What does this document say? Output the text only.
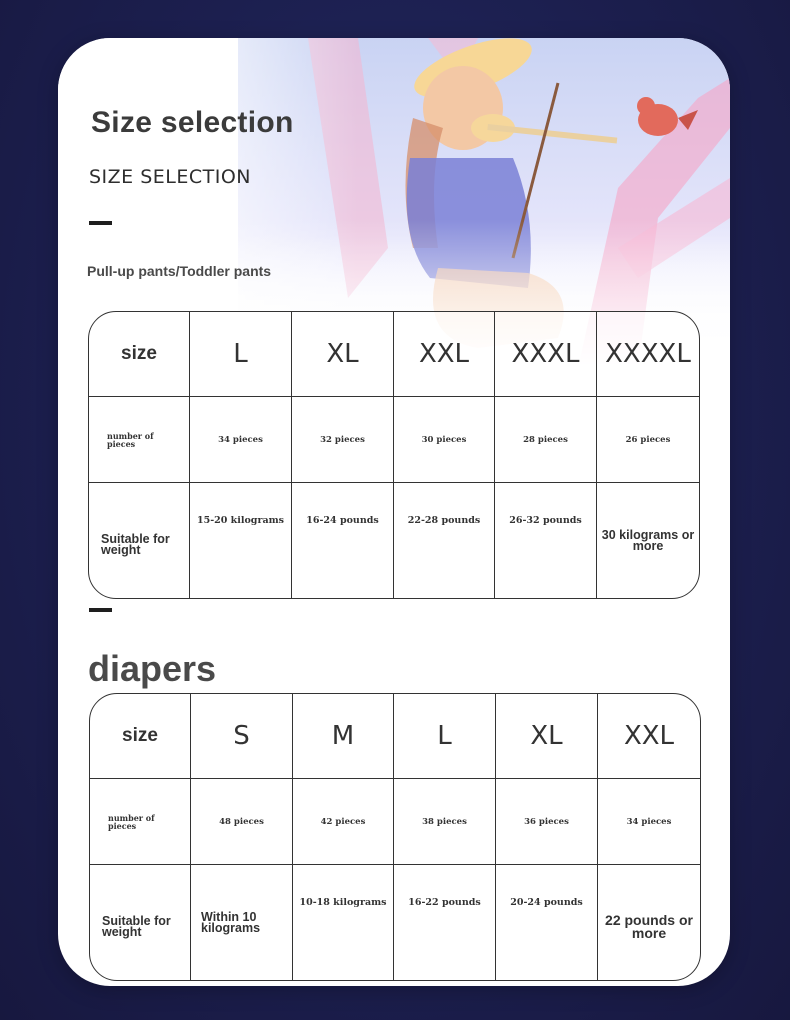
Size selection
SIZE SELECTION
Pull-up pants/Toddler pants
size	L	XL	XXL	XXXL	XXXXL
number of pieces	34 pieces	32 pieces	30 pieces	28 pieces	26 pieces
Suitable for weight	15-20 kilograms	16-24 pounds	22-28 pounds	26-32 pounds	30 kilograms or more
diapers
size	S	M	L	XL	XXL
number of pieces	48 pieces	42 pieces	38 pieces	36 pieces	34 pieces
Suitable for weight	Within 10 kilograms	10-18 kilograms	16-22 pounds	20-24 pounds	22 pounds or more
